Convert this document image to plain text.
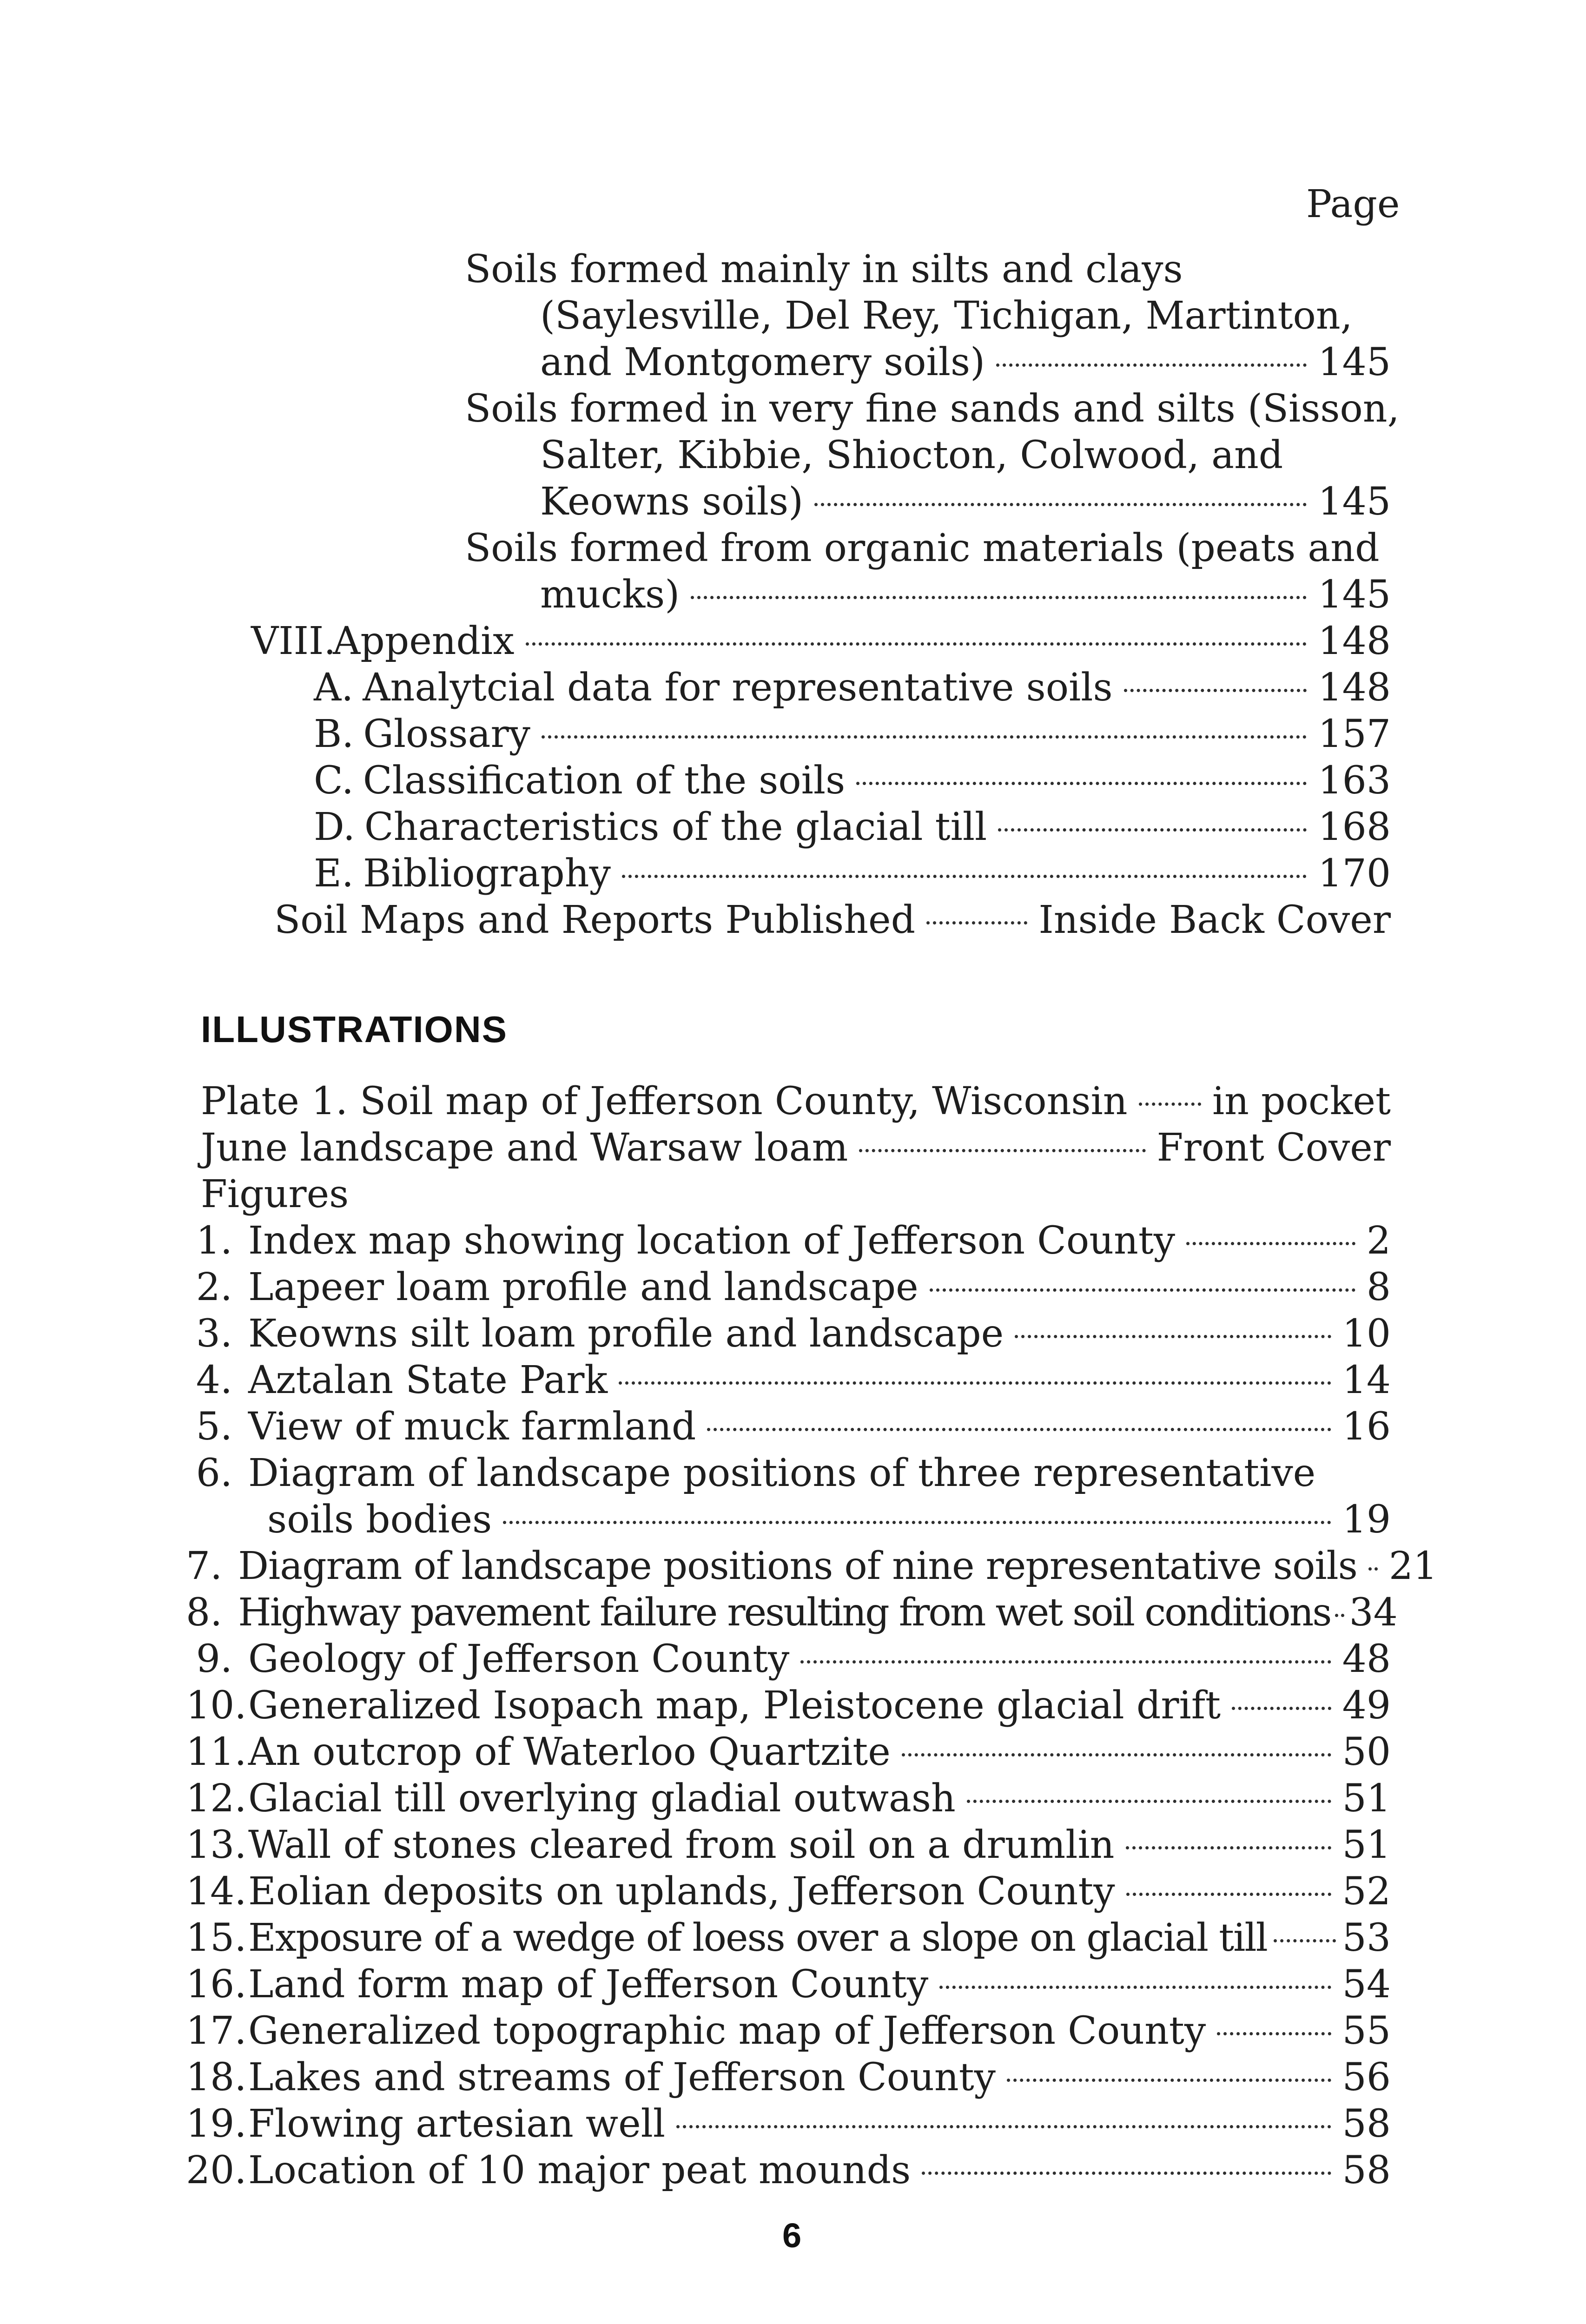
Page
Soils formed mainly in silts and clays
(Saylesville, Del Rey, Tichigan, Martinton,
and Montgomery soils)	145
Soils formed in very fine sands and silts (Sisson,
Salter, Kibbie, Shiocton, Colwood, and
Keowns soils)	145
Soils formed from organic materials (peats and
mucks)	145
VIII.
Appendix	148
A. Analytcial data for representative soils	148
B. Glossary	157
C. Classification of the soils	163
D. Characteristics of the glacial till	168
E. Bibliography	170
Soil Maps and Reports Published	Inside Back Cover
ILLUSTRATIONS
Plate 1. Soil map of Jefferson County, Wisconsin in pocket
June landscape and Warsaw loam	Front Cover
Figures
1. Index map showing location of Jefferson County	2
2. Lapeer loam profile and landscape	8
3. Keowns silt loam profile and landscape	10
4. Aztalan State Park	14
5. View of muck farmland	16
6. Diagram of landscape positions of three representative
soils bodies	19
7. Diagram of landscape positions of nine representative soils 21
8. Highway pavement failure resulting from wet soil conditions 34
9. Geology of Jefferson County	48
10. Generalized Isopach map, Pleistocene glacial drift	49
11. An outcrop of Waterloo Quartzite	50
12. Glacial till overlying gladial outwash	51
13. Wall of stones cleared from soil on a drumlin	51
14. Eolian deposits on uplands, Jefferson County	52
15. Exposure of a wedge of loess over a slope on glacial till 53
16. Land form map of Jefferson County	54
17. Generalized topographic map of Jefferson County	55
18. Lakes and streams of Jefferson County	56
19. Flowing artesian well	58
20. Location of 10 major peat mounds	58
6
